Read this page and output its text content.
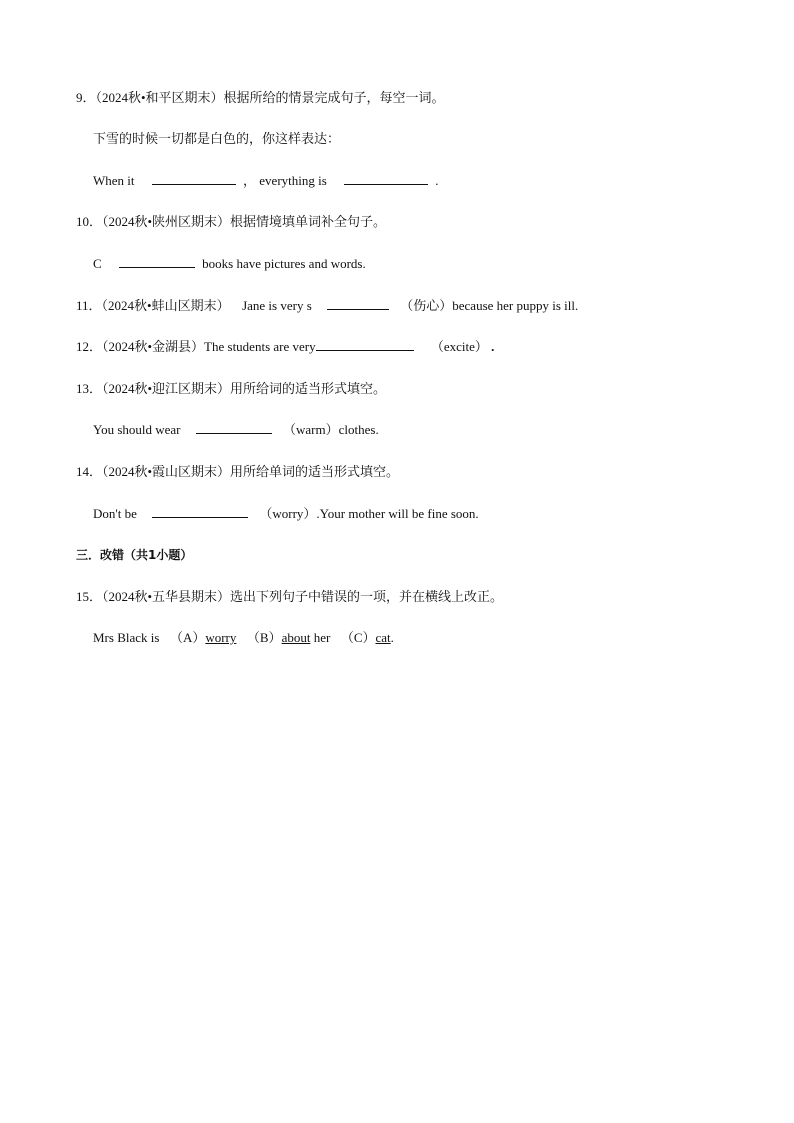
9．（2024秋•和平区期末）根据所给的情景完成句子，每空一词。
下雪的时候一切都是白色的，你这样表达：
When it	， everything is	.
10．（2024秋•陕州区期末）根据情境填单词补全句子。
C	books have pictures and words.
11．（2024秋•蚌山区期末） Jane is very s	（伤心）because her puppy is ill.
12．（2024秋•金湖县）The students are very	（excite） .
13．（2024秋•迎江区期末）用所给词的适当形式填空。
You should wear	（warm）clothes.
14．（2024秋•霞山区期末）用所给单词的适当形式填空。
Don't be	（worry）.Your mother will be fine soon.
三．改错（共1小题）
15．（2024秋•五华县期末）选出下列句子中错误的一项，并在横线上改正。
Mrs Black is （A）worry （B）about her （C）cat.
